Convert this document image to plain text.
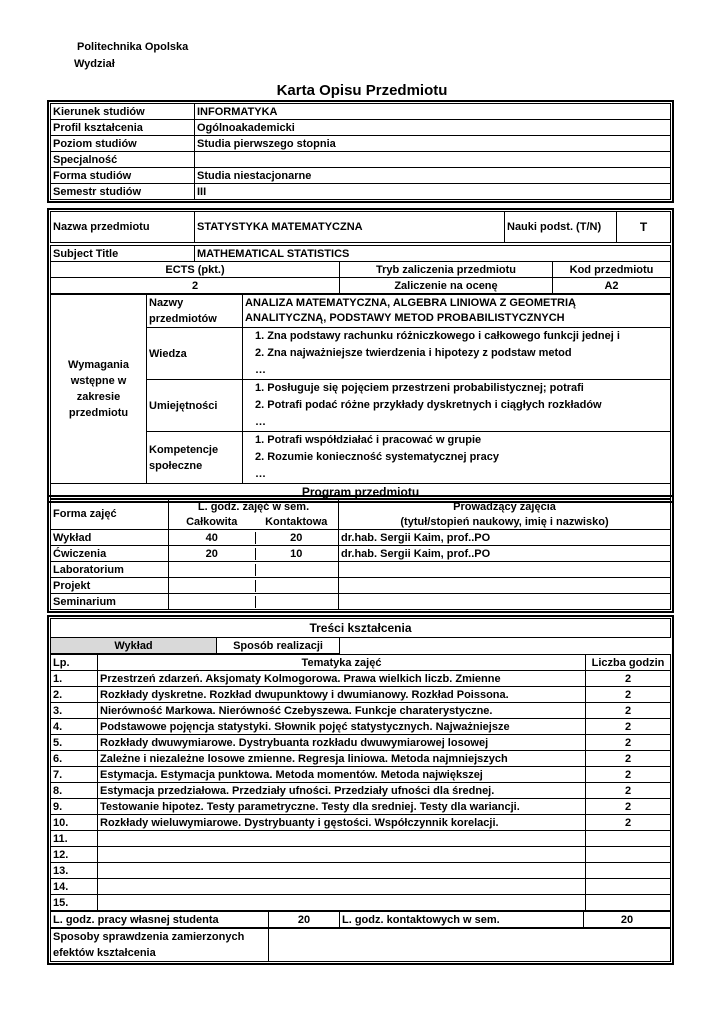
Politechnika Opolska
Wydział
Karta Opisu Przedmiotu
Kierunek studiów	INFORMATYKA
Profil kształcenia	Ogólnoakademicki
Poziom studiów	Studia pierwszego stopnia
Specjalność	
Forma studiów	Studia niestacjonarne
Semestr studiów	III
Nazwa przedmiotu	STATYSTYKA MATEMATYCZNA	Nauki podst. (T/N)	T
Subject Title	MATHEMATICAL STATISTICS		
ECTS (pkt.)		Tryb zaliczenia przedmiotu	Kod przedmiotu
2		Zaliczenie na ocenę	A2
Wymagania wstępne w zakresie przedmiotu	Nazwy przedmiotów	ANALIZA MATEMATYCZNA, ALGEBRA LINIOWA Z GEOMETRIĄ
ANALITYCZNĄ, PODSTAWY METOD PROBABILISTYCZNYCH

	Wiedza	1. Zna podstawy rachunku różniczkowego i całkowego funkcji jednej i
2. Zna najważniejsze twierdzenia i hipotezy z podstaw metod
…

	Umiejętności	1. Posługuje się pojęciem przestrzeni probabilistycznej; potrafi
2. Potrafi podać różne przykłady dyskretnych i ciągłych rozkładów
…

	Kompetencje społeczne	1. Potrafi współdziałać i pracować w grupie
2. Rozumie konieczność systematycznej pracy
…

Program przedmiotu		
Forma zajęć	L. godz. zajęć w sem.		Prowadzący zajęcia
	Całkowita	Kontaktowa	(tytuł/stopień naukowy, imię i nazwisko)
Wykład	40	20	dr.hab. Sergii Kaim, prof..PO
Ćwiczenia	20	10	dr.hab. Sergii Kaim, prof..PO
Laboratorium		

Projekt		

Seminarium		

Treści kształcenia
Wykład	Sposób realizacji	
Lp.	Tematyka zajęć	Liczba godzin
1.	Przestrzeń zdarzeń. Aksjomaty Kolmogorowa. Prawa wielkich liczb. Zmienne	2
2.	Rozkłady dyskretne. Rozkład dwupunktowy i dwumianowy. Rozkład Poissona.	2
3.	Nierówność Markowa. Nierówność Czebyszewa. Funkcje charaterystyczne.	2
4.	Podstawowe pojęncja statystyki. Słownik pojęć statystycznych. Najważniejsze	2
5.	Rozkłady dwuwymiarowe. Dystrybuanta rozkładu dwuwymiarowej losowej	2
6.	Zależne i niezależne losowe zmienne. Regresja liniowa. Metoda najmniejszych	2
7.	Estymacja. Estymacja punktowa. Metoda momentów. Metoda największej	2
8.	Estymacja przedziałowa. Przedziały ufności. Przedziały ufności dla średnej.	2
9.	Testowanie hipotez. Testy parametryczne. Testy dla sredniej. Testy dla wariancji.	2
10.	Rozkłady wieluwymiarowe. Dystrybuanty i gęstości. Współczynnik korelacji.	2
11.		
12.		
13.		
14.		
15.		
L. godz. pracy własnej studenta	20	L. godz. kontaktowych w sem.	20
Sposoby sprawdzenia zamierzonych efektów kształcenia	
